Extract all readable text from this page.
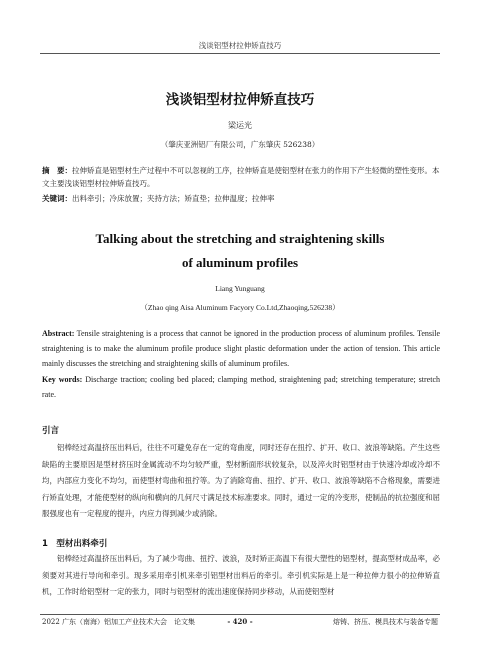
浅谈铝型材拉伸矫直技巧
浅谈铝型材拉伸矫直技巧
梁运光
（肇庆亚洲铝厂有限公司，广东肇庆 526238）
摘　要：拉伸矫直是铝型材生产过程中不可以忽视的工序，拉伸矫直是使铝型材在张力的作用下产生轻微的塑性变形。本文主要浅谈铝型材拉伸矫直技巧。
关键词：出料牵引；冷床放置；夹持方法；矫直垫；拉伸温度；拉伸率
Talking about the stretching and straightening skills
of aluminum profiles
Liang Yunguang
（Zhao qing Aisa Aluminum Facyory Co.Ltd,Zhaoqing,526238）
Abstract: Tensile straightening is a process that cannot be ignored in the production process of aluminum profiles. Tensile straightening is to make the aluminum profile produce slight plastic deformation under the action of tension. This article mainly discusses the stretching and straightening skills of aluminum profiles.
Key words: Discharge traction; cooling bed placed; clamping method, straightening pad; stretching temperature; stretch rate.
引言
铝棒经过高温挤压出料后，往往不可避免存在一定的弯曲度，同时还存在扭拧、扩开、收口、波浪等缺陷。产生这些缺陷的主要原因是型材挤压时金属流动不均匀较严重，型材断面形状较复杂，以及淬火时铝型材由于快速冷却或冷却不均，内部应力变化不均匀，而使型材弯曲和扭拧等。为了消除弯曲、扭拧、扩开、收口、波浪等缺陷不合格现象，需要进行矫直处理，才能使型材的纵向和横向的几何尺寸满足技术标准要求。同时，通过一定的冷变形，使制品的抗拉强度和屈服强度也有一定程度的提升，内应力得到减少或消除。
1　型材出料牵引
铝棒经过高温挤压出料后，为了减少弯曲、扭拧、波浪，及时矫正高温下有很大塑性的铝型材，提高型材成品率，必须要对其进行导向和牵引。现多采用牵引机来牵引铝型材出料后的牵引。牵引机实际是上是一种拉伸力很小的拉伸矫直机，工作时给铝型材一定的张力，同时与铝型材的流出速度保持同步移动，从而使铝型材
2022 广东（南海）铝加工产业技术大会　论文集	- 420 -	熔铸、挤压、模具技术与装备专题
